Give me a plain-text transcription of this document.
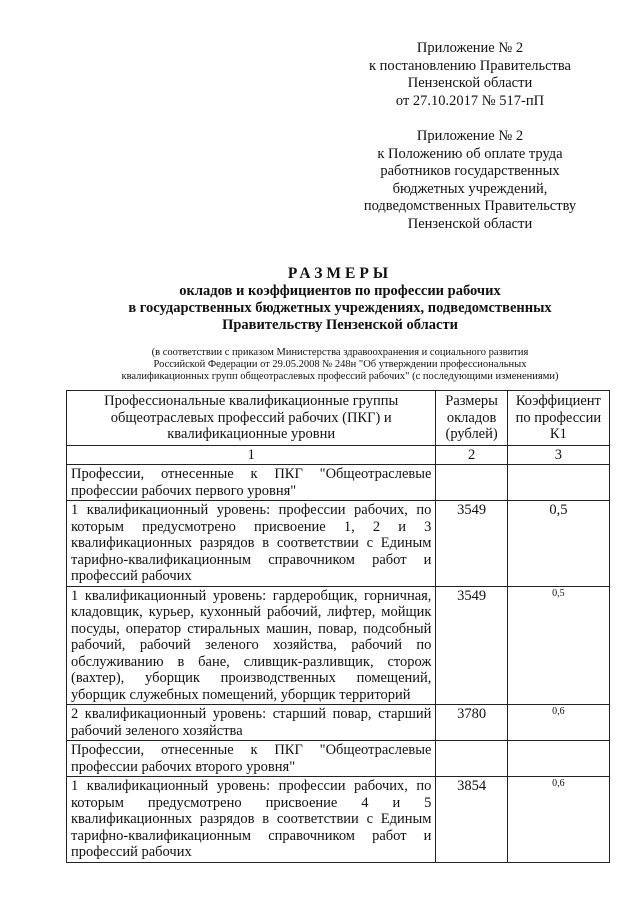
Приложение № 2

к постановлению Правительства

Пензенской области

от 27.10.2017 № 517-пП

Приложение № 2

к Положению об оплате труда

работников государственных

бюджетных учреждений,

подведомственных Правительству

Пензенской области

РАЗМЕРЫ
окладов и коэффициентов по профессии рабочих
в государственных бюджетных учреждениях, подведомственных
Правительству Пензенской области
(в соответствии с приказом Министерства здравоохранения и социального развития
Российской Федерации от 29.05.2008 № 248н "Об утверждении профессиональных
квалификационных групп общеотраслевых профессий рабочих" (с последующими изменениями)
Профессиональные квалификационные группы общеотраслевых профессий рабочих (ПКГ) и квалификационные уровни	Размеры окладов (рублей)	Коэффициент по профессии К1
1	2	3
Профессии, отнесенные к ПКГ "Общеотраслевые профессии рабочих первого уровня"		
1 квалификационный уровень: профессии рабочих, по которым предусмотрено присвоение 1, 2 и 3 квалификационных разрядов в соответствии с Единым тарифно-квалификационным справочником работ и профессий рабочих	3549	0,5
1 квалификационный уровень: гардеробщик, горничная, кладовщик, курьер, кухонный рабочий, лифтер, мойщик посуды, оператор стиральных машин, повар, подсобный рабочий, рабочий зеленого хозяйства, рабочий по обслуживанию в бане, сливщик-разливщик, сторож (вахтер), уборщик производственных помещений, уборщик служебных помещений, уборщик территорий	3549	0,5
2 квалификационный уровень: старший повар, старший рабочий зеленого хозяйства	3780	0,6
Профессии, отнесенные к ПКГ "Общеотраслевые профессии рабочих второго уровня"		
1 квалификационный уровень: профессии рабочих, по которым предусмотрено присвоение 4 и 5 квалификационных разрядов в соответствии с Единым тарифно-квалификационным справочником работ и профессий рабочих	3854	0,6
